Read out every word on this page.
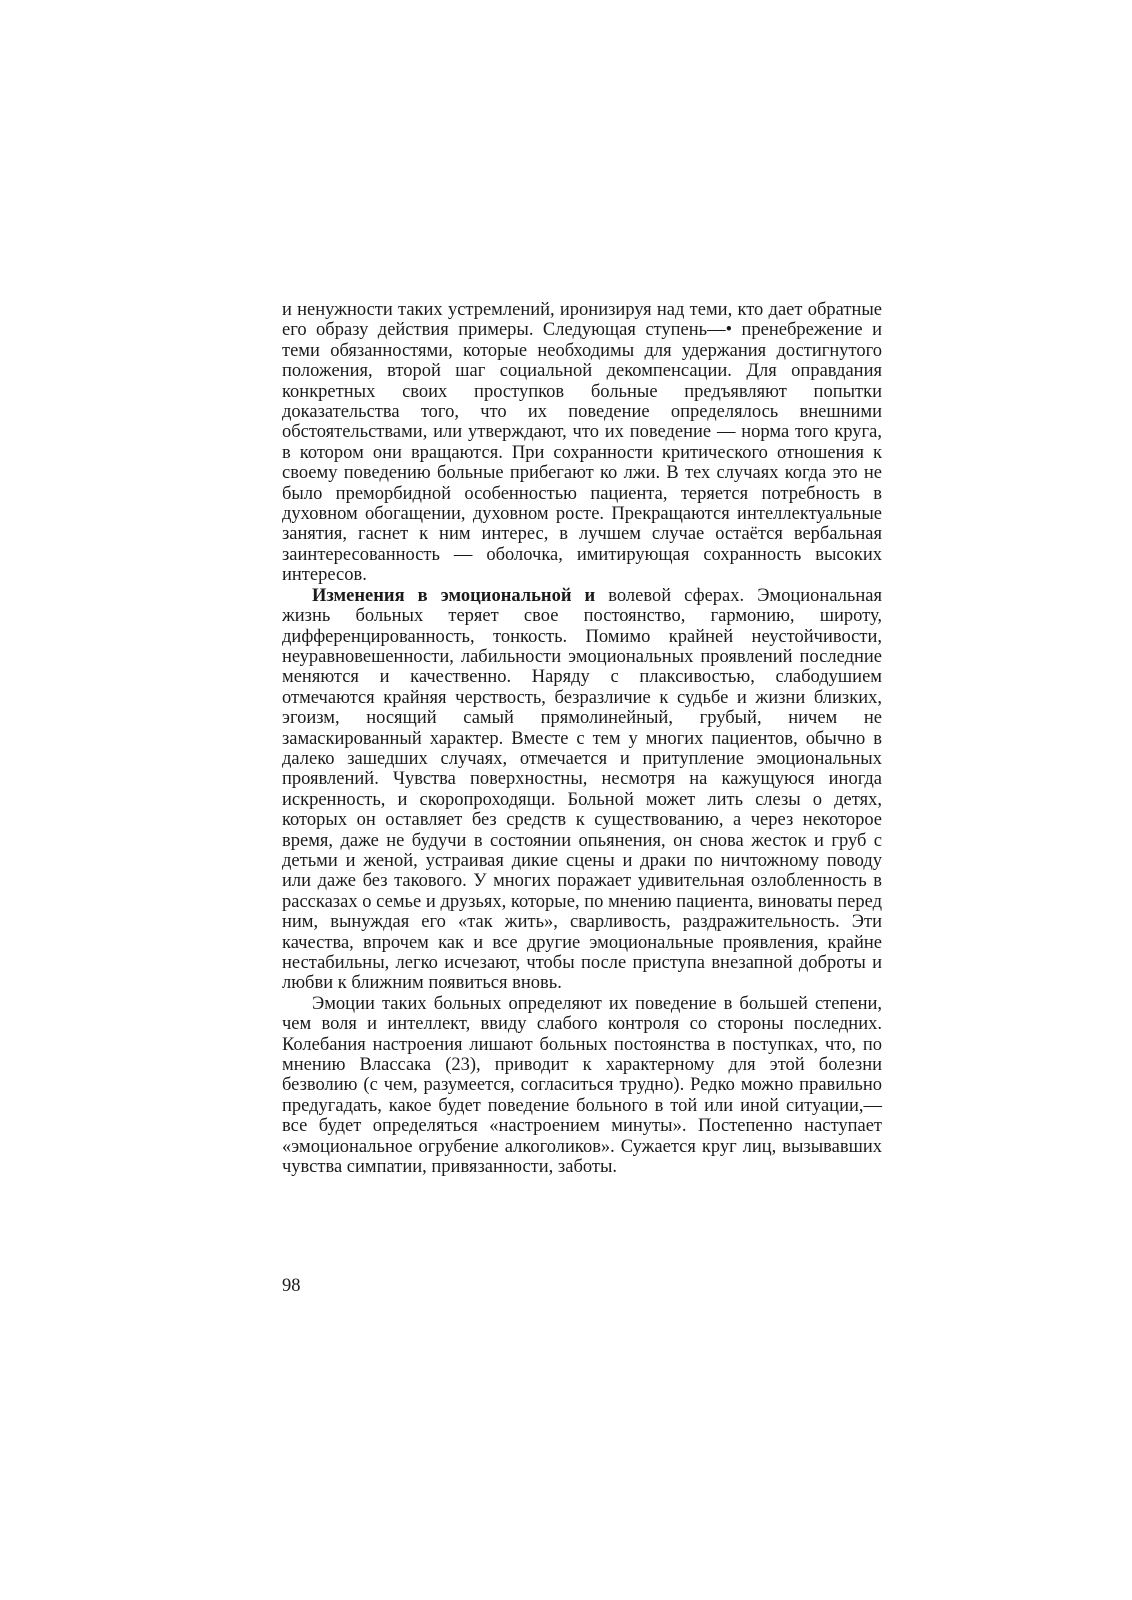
и ненужности таких устремлений, иронизируя над теми, кто дает обратные его образу действия примеры. Следующая ступень—• пренебрежение и теми обязанностями, которые необходимы для удержания достигнутого положения, второй шаг социальной декомпенсации. Для оправдания конкретных своих проступков больные предъявляют попытки доказательства того, что их поведение определялось внешними обстоятельствами, или утверждают, что их поведение — норма того круга, в котором они вращаются. При сохранности критического отношения к своему поведению больные прибегают ко лжи. В тех случаях когда это не было преморбидной особенностью пациента, теряется потребность в духовном обогащении, духовном росте. Прекращаются интеллектуальные занятия, гаснет к ним интерес, в лучшем случае остаётся вербальная заинтересованность — оболочка, имитирующая сохранность высоких интересов.

Изменения в эмоциональной и волевой сферах. Эмоциональная жизнь больных теряет свое постоянство, гармонию, широту, дифференцированность, тонкость. Помимо крайней неустойчивости, неуравновешенности, лабильности эмоциональных проявлений последние меняются и качественно. Наряду с плаксивостью, слабодушием отмечаются крайняя черствость, безразличие к судьбе и жизни близких, эгоизм, носящий самый прямолинейный, грубый, ничем не замаскированный характер. Вместе с тем у многих пациентов, обычно в далеко зашедших случаях, отмечается и притупление эмоциональных проявлений. Чувства поверхностны, несмотря на кажущуюся иногда искренность, и скоропроходящи. Больной может лить слезы о детях, которых он оставляет без средств к существованию, а через некоторое время, даже не будучи в состоянии опьянения, он снова жесток и груб с детьми и женой, устраивая дикие сцены и драки по ничтожному поводу или даже без такового. У многих поражает удивительная озлобленность в рассказах о семье и друзьях, которые, по мнению пациента, виноваты перед ним, вынуждая его «так жить», сварливость, раздражительность. Эти качества, впрочем как и все другие эмоциональные проявления, крайне нестабильны, легко исчезают, чтобы после приступа внезапной доброты и любви к ближним появиться вновь.

Эмоции таких больных определяют их поведение в большей степени, чем воля и интеллект, ввиду слабого контроля со стороны последних. Колебания настроения лишают больных постоянства в поступках, что, по мнению Влассака (23), приводит к характерному для этой болезни безволию (с чем, разумеется, согласиться трудно). Редко можно правильно предугадать, какое будет поведение больного в той или иной ситуации,— все будет определяться «настроением минуты». Постепенно наступает «эмоциональное огрубение алкоголиков». Сужается круг лиц, вызывавших чувства симпатии, привязанности, заботы.

98
